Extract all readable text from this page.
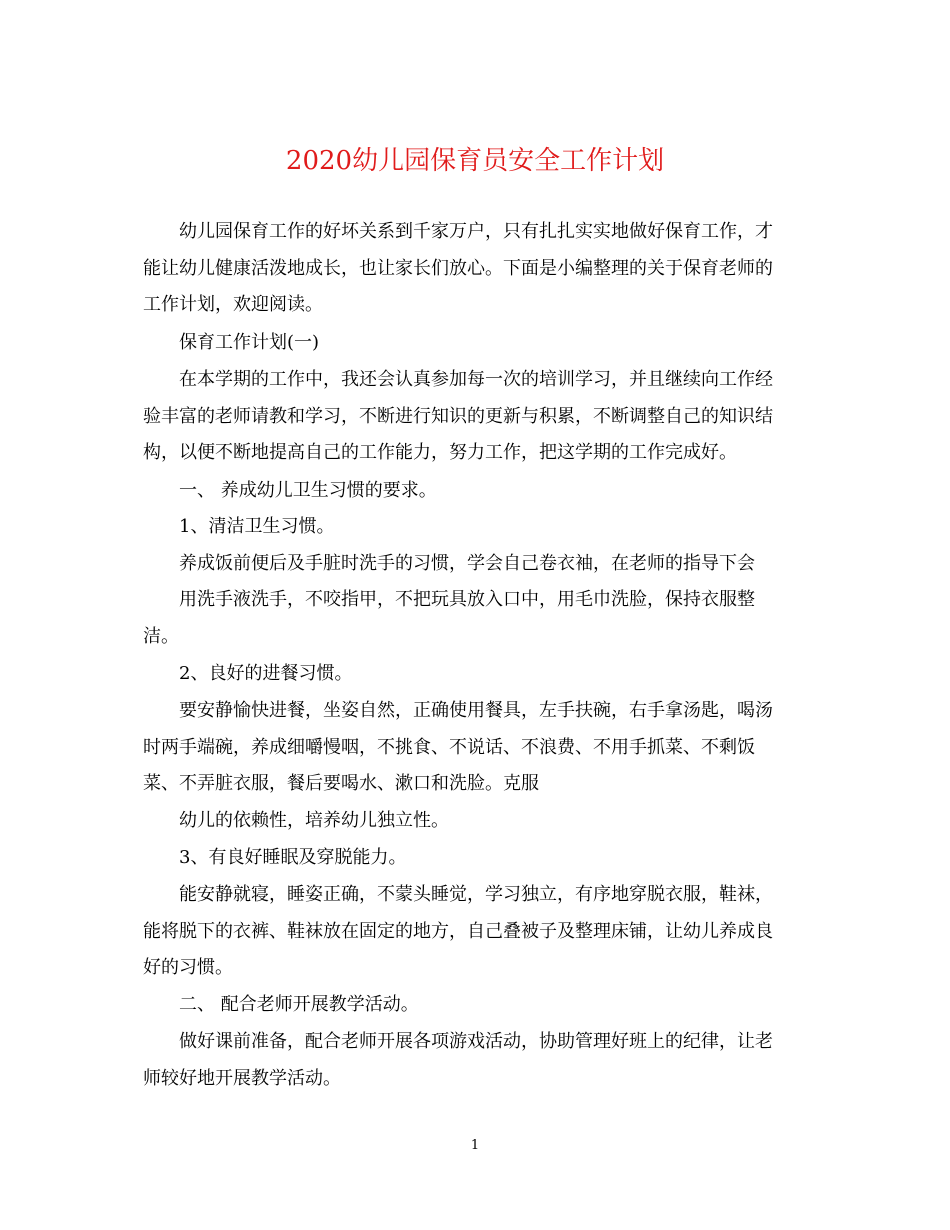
2020幼儿园保育员安全工作计划
幼儿园保育工作的好坏关系到千家万户，只有扎扎实实地做好保育工作，才
能让幼儿健康活泼地成长，也让家长们放心。下面是小编整理的关于保育老师的
工作计划，欢迎阅读。
保育工作计划(一)
在本学期的工作中，我还会认真参加每一次的培训学习，并且继续向工作经
验丰富的老师请教和学习，不断进行知识的更新与积累，不断调整自己的知识结
构，以便不断地提高自己的工作能力，努力工作，把这学期的工作完成好。
一、 养成幼儿卫生习惯的要求。
1、清洁卫生习惯。
养成饭前便后及手脏时洗手的习惯，学会自己卷衣袖，在老师的指导下会
用洗手液洗手，不咬指甲，不把玩具放入口中，用毛巾洗脸，保持衣服整
洁。
2、良好的进餐习惯。
要安静愉快进餐，坐姿自然，正确使用餐具，左手扶碗，右手拿汤匙，喝汤
时两手端碗，养成细嚼慢咽，不挑食、不说话、不浪费、不用手抓菜、不剩饭
菜、不弄脏衣服，餐后要喝水、漱口和洗脸。克服
幼儿的依赖性，培养幼儿独立性。
3、有良好睡眠及穿脱能力。
能安静就寝，睡姿正确，不蒙头睡觉，学习独立，有序地穿脱衣服，鞋袜，
能将脱下的衣裤、鞋袜放在固定的地方，自己叠被子及整理床铺，让幼儿养成良
好的习惯。
二、 配合老师开展教学活动。
做好课前准备，配合老师开展各项游戏活动，协助管理好班上的纪律，让老
师较好地开展教学活动。
1
